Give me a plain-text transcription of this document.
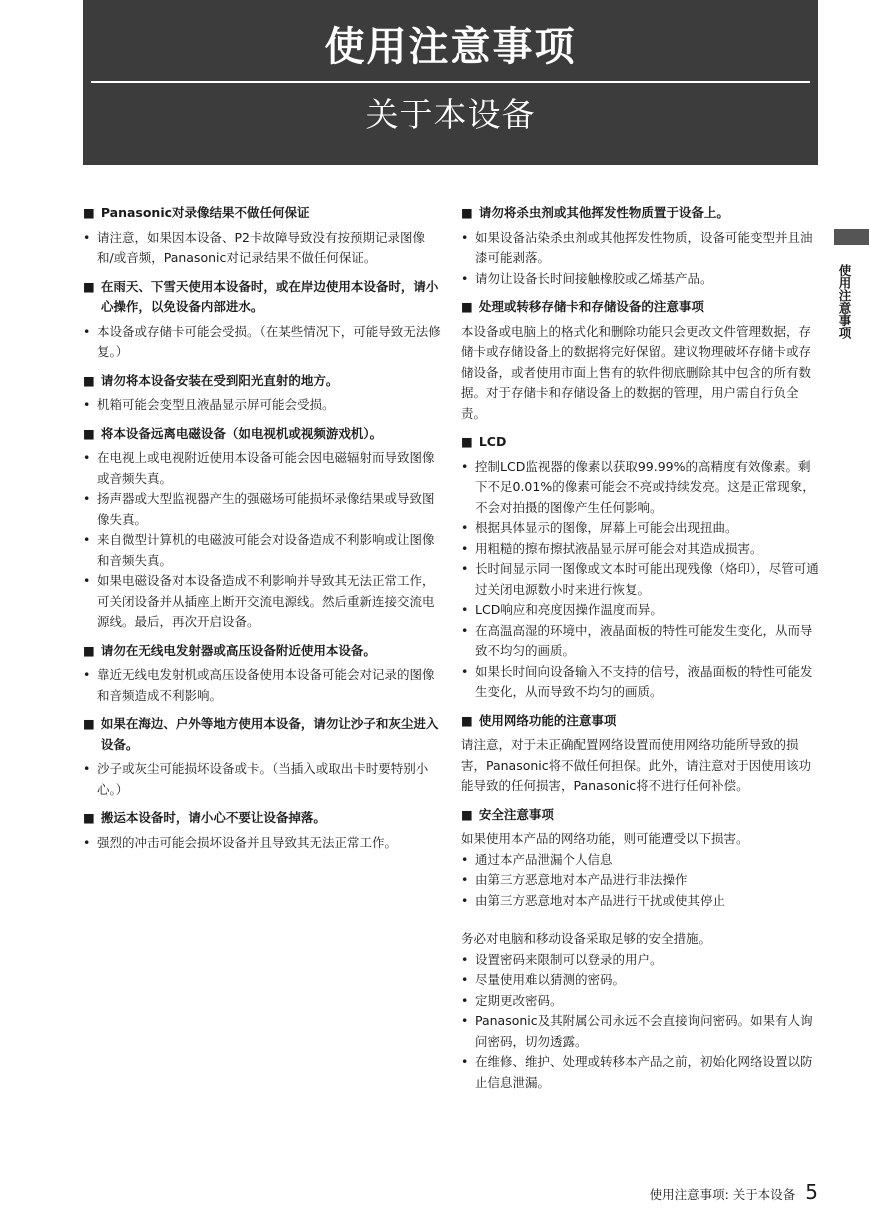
使用注意事项
关于本设备
使用注意事项
■ Panasonic对录像结果不做任何保证
• 请注意，如果因本设备、P2卡故障导致没有按预期记录图像和/或音频，Panasonic对记录结果不做任何保证。
■ 在雨天、下雪天使用本设备时，或在岸边使用本设备时，请小心操作，以免设备内部进水。
• 本设备或存储卡可能会受损。（在某些情况下，可能导致无法修复。）
■ 请勿将本设备安装在受到阳光直射的地方。
• 机箱可能会变型且液晶显示屏可能会受损。
■ 将本设备远离电磁设备（如电视机或视频游戏机）。
• 在电视上或电视附近使用本设备可能会因电磁辐射而导致图像或音频失真。
• 扬声器或大型监视器产生的强磁场可能损坏录像结果或导致图像失真。
• 来自微型计算机的电磁波可能会对设备造成不利影响或让图像和音频失真。
• 如果电磁设备对本设备造成不利影响并导致其无法正常工作，可关闭设备并从插座上断开交流电源线。然后重新连接交流电源线。最后，再次开启设备。
■ 请勿在无线电发射器或高压设备附近使用本设备。
• 靠近无线电发射机或高压设备使用本设备可能会对记录的图像和音频造成不利影响。
■ 如果在海边、户外等地方使用本设备，请勿让沙子和灰尘进入设备。
• 沙子或灰尘可能损坏设备或卡。（当插入或取出卡时要特别小心。）
■ 搬运本设备时，请小心不要让设备掉落。
• 强烈的冲击可能会损坏设备并且导致其无法正常工作。
■ 请勿将杀虫剂或其他挥发性物质置于设备上。
• 如果设备沾染杀虫剂或其他挥发性物质，设备可能变型并且油漆可能剥落。
• 请勿让设备长时间接触橡胶或乙烯基产品。
■ 处理或转移存储卡和存储设备的注意事项

本设备或电脑上的格式化和删除功能只会更改文件管理数据，存储卡或存储设备上的数据将完好保留。建议物理破坏存储卡或存储设备，或者使用市面上售有的软件彻底删除其中包含的所有数据。对于存储卡和存储设备上的数据的管理，用户需自行负全责。

■ LCD
• 控制LCD监视器的像素以获取99.99%的高精度有效像素。剩下不足0.01%的像素可能会不亮或持续发亮。这是正常现象，不会对拍摄的图像产生任何影响。
• 根据具体显示的图像，屏幕上可能会出现扭曲。
• 用粗糙的擦布擦拭液晶显示屏可能会对其造成损害。
• 长时间显示同一图像或文本时可能出现残像（烙印），尽管可通过关闭电源数小时来进行恢复。
• LCD响应和亮度因操作温度而异。
• 在高温高湿的环境中，液晶面板的特性可能发生变化，从而导致不均匀的画质。
• 如果长时间向设备输入不支持的信号，液晶面板的特性可能发生变化，从而导致不均匀的画质。
■ 使用网络功能的注意事项

请注意，对于未正确配置网络设置而使用网络功能所导致的损害，Panasonic将不做任何担保。此外，请注意对于因使用该功能导致的任何损害，Panasonic将不进行任何补偿。

■ 安全注意事项

如果使用本产品的网络功能，则可能遭受以下损害。

• 通过本产品泄漏个人信息
• 由第三方恶意地对本产品进行非法操作
• 由第三方恶意地对本产品进行干扰或使其停止

务必对电脑和移动设备采取足够的安全措施。

• 设置密码来限制可以登录的用户。
• 尽量使用难以猜测的密码。
• 定期更改密码。
• Panasonic及其附属公司永远不会直接询问密码。如果有人询问密码，切勿透露。
• 在维修、维护、处理或转移本产品之前，初始化网络设置以防止信息泄漏。
使用注意事项: 关于本设备 5
